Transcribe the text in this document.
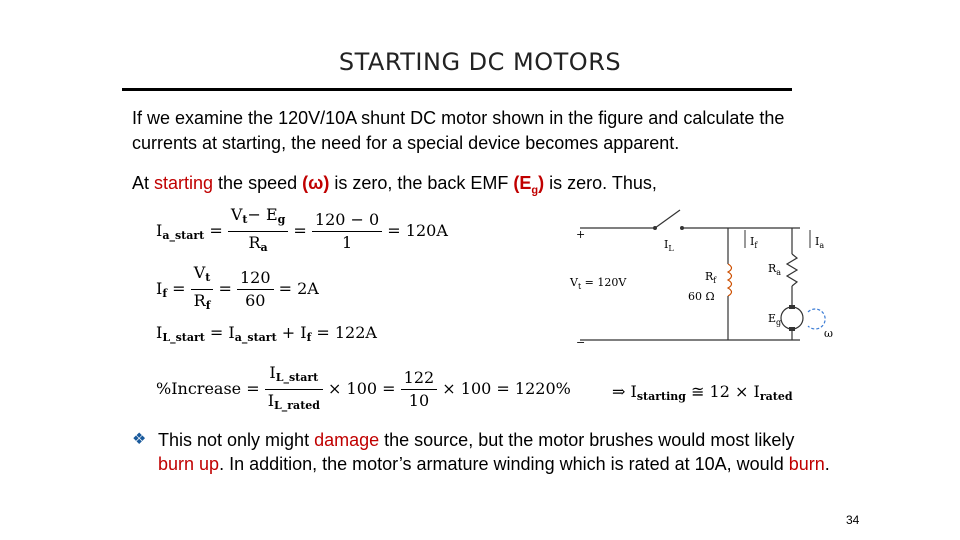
STARTING DC MOTORS
If we examine the 120V/10A shunt DC motor shown in the figure and calculate the currents at starting, the need for a special device becomes apparent.
At starting the speed (ω) is zero, the back EMF $(E_g)$ is zero. Thus,
$I_{a\_start} = \frac{V_t- E_g}{R_a} = \frac{120 - 0}{1} = 120A$
$I_f = \frac{V_t}{R_f} = \frac{120}{60} = 2A$
$I_{L\_start} = I_{a\_start} + I_f = 122A$
%Increase = $\frac{I_{L\_start}}{I_{L\_rated}} \times 100 = \frac{122}{10} \times 100 = 1220\%$	⇒ $I_{starting}$ ≅ $12 \times I_{rated}$
+
−
$I_L$
$I_f$	$I_a$
$V_t = 120V$	$R_f$
60 Ω
$R_a$
$E_g$
ω
❖ This not only might damage the source, but the motor brushes would most likely burn up. In addition, the motor’s armature winding which is rated at 10A, would burn.
34
